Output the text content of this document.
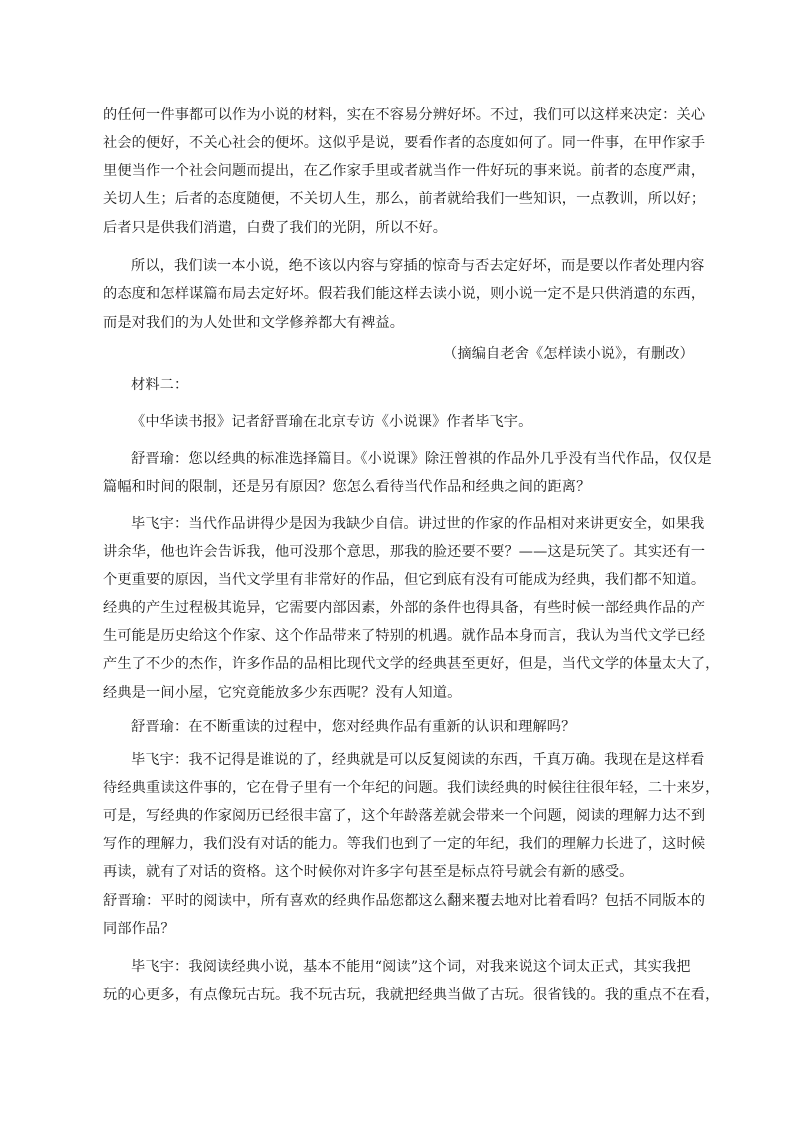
的任何一件事都可以作为小说的材料，实在不容易分辨好坏。不过，我们可以这样来决定：关心
社会的便好，不关心社会的便坏。这似乎是说，要看作者的态度如何了。同一件事，在甲作家手
里便当作一个社会问题而提出，在乙作家手里或者就当作一件好玩的事来说。前者的态度严肃，
关切人生；后者的态度随便，不关切人生，那么，前者就给我们一些知识，一点教训，所以好；
后者只是供我们消遣，白费了我们的光阴，所以不好。
所以，我们读一本小说，绝不该以内容与穿插的惊奇与否去定好坏，而是要以作者处理内容
的态度和怎样谋篇布局去定好坏。假若我们能这样去读小说，则小说一定不是只供消遣的东西，
而是对我们的为人处世和文学修养都大有裨益。
（摘编自老舍《怎样读小说》，有删改）
材料二：
《中华读书报》记者舒晋瑜在北京专访《小说课》作者毕飞宇。
舒晋瑜：您以经典的标准选择篇目。《小说课》除汪曾祺的作品外几乎没有当代作品，仅仅是
篇幅和时间的限制，还是另有原因？您怎么看待当代作品和经典之间的距离？
毕飞宇：当代作品讲得少是因为我缺少自信。讲过世的作家的作品相对来讲更安全，如果我
讲余华，他也许会告诉我，他可没那个意思，那我的脸还要不要？——这是玩笑了。其实还有一
个更重要的原因，当代文学里有非常好的作品，但它到底有没有可能成为经典，我们都不知道。
经典的产生过程极其诡异，它需要内部因素，外部的条件也得具备，有些时候一部经典作品的产
生可能是历史给这个作家、这个作品带来了特别的机遇。就作品本身而言，我认为当代文学已经
产生了不少的杰作，许多作品的品相比现代文学的经典甚至更好，但是，当代文学的体量太大了，
经典是一间小屋，它究竟能放多少东西呢？没有人知道。
舒晋瑜：在不断重读的过程中，您对经典作品有重新的认识和理解吗？
毕飞宇：我不记得是谁说的了，经典就是可以反复阅读的东西，千真万确。我现在是这样看
待经典重读这件事的，它在骨子里有一个年纪的问题。我们读经典的时候往往很年轻，二十来岁，
可是，写经典的作家阅历已经很丰富了，这个年龄落差就会带来一个问题，阅读的理解力达不到
写作的理解力，我们没有对话的能力。等我们也到了一定的年纪，我们的理解力长进了，这时候
再读，就有了对话的资格。这个时候你对许多字句甚至是标点符号就会有新的感受。
舒晋瑜：平时的阅读中，所有喜欢的经典作品您都这么翻来覆去地对比着看吗？包括不同版本的
同部作品？
毕飞宇：我阅读经典小说，基本不能用“阅读”这个词，对我来说这个词太正式，其实我把
玩的心更多，有点像玩古玩。我不玩古玩，我就把经典当做了古玩。很省钱的。我的重点不在看，
